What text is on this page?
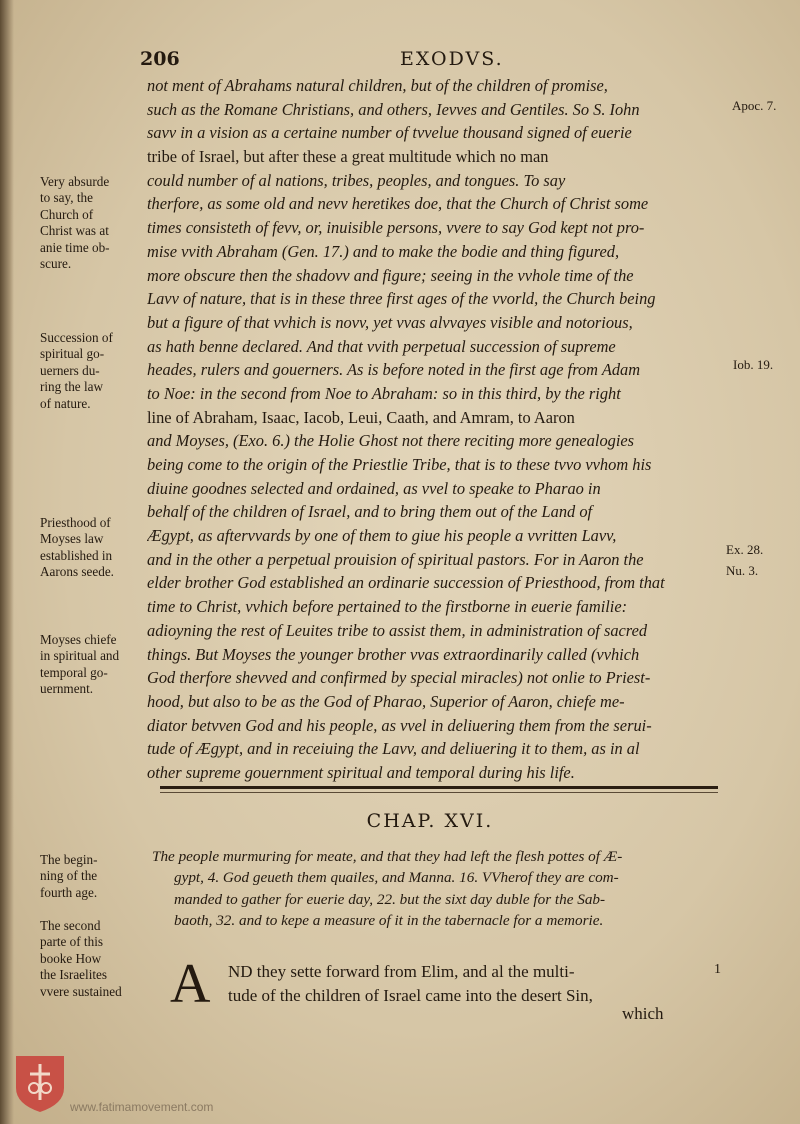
206	EXODVS.
not ment of Abrahams natural children, but of the children of promise,
such as the Romane Christians, and others, Ievves and Gentiles. So S. Iohn
savv in a vision as a certaine number of tvvelue thousand signed of euerie
tribe of Israel, but after these a great multitude which no man
could number of al nations, tribes, peoples, and tongues. To say
therfore, as some old and nevv heretikes doe, that the Church of Christ some
times consisteth of fevv, or, inuisible persons, vvere to say God kept not pro-
mise vvith Abraham (Gen. 17.) and to make the bodie and thing figured,
more obscure then the shadovv and figure; seeing in the vvhole time of the
Lavv of nature, that is in these three first ages of the vvorld, the Church being
but a figure of that vvhich is novv, yet vvas alvvayes visible and notorious,
as hath benne declared. And that vvith perpetual succession of supreme
heades, rulers and gouerners. As is before noted in the first age from Adam
to Noe: in the second from Noe to Abraham: so in this third, by the right
line of Abraham, Isaac, Iacob, Leui, Caath, and Amram, to Aaron
and Moyses, (Exo. 6.) the Holie Ghost not there reciting more genealogies
being come to the origin of the Priestlie Tribe, that is to these tvvo vvhom his
diuine goodnes selected and ordained, as vvel to speake to Pharao in
behalf of the children of Israel, and to bring them out of the Land of
Ægypt, as aftervvards by one of them to giue his people a vvritten Lavv,
and in the other a perpetual prouision of spiritual pastors. For in Aaron the
elder brother God established an ordinarie succession of Priesthood, from that
time to Christ, vvhich before pertained to the firstborne in euerie familie:
adioyning the rest of Leuites tribe to assist them, in administration of sacred
things. But Moyses the younger brother vvas extraordinarily called (vvhich
God therfore shevved and confirmed by special miracles) not onlie to Priest-
hood, but also to be as the God of Pharao, Superior of Aaron, chiefe me-
diator betvven God and his people, as vvel in deliuering them from the serui-
tude of Ægypt, and in receiuing the Lavv, and deliuering it to them, as in al
other supreme gouernment spiritual and temporal during his life.
Very absurde
to say, the
Church of
Christ was at
anie time ob-
scure.
Succession of
spiritual go-
uerners du-
ring the law
of nature.
Priesthood of
Moyses law
established in
Aarons seede.
Moyses chiefe
in spiritual and
temporal go-
uernment.
The begin-
ning of the
fourth age.
The second
parte of this
booke How
the Israelites
vvere sustained
Apoc. 7.
Iob. 19.
Ex. 28.
Nu. 3.
CHAP. XVI.
The people murmuring for meate, and that they had left the flesh pottes of Æ-
gypt, 4. God geueth them quailes, and Manna. 16. VVherof they are com-
manded to gather for euerie day, 22. but the sixt day duble for the Sab-
baoth, 32. and to kepe a measure of it in the tabernacle for a memorie.
A ND they sette forward from Elim, and al the multi-
tude of the children of Israel came into the desert Sin,
1
which
www.fatimamovement.com
